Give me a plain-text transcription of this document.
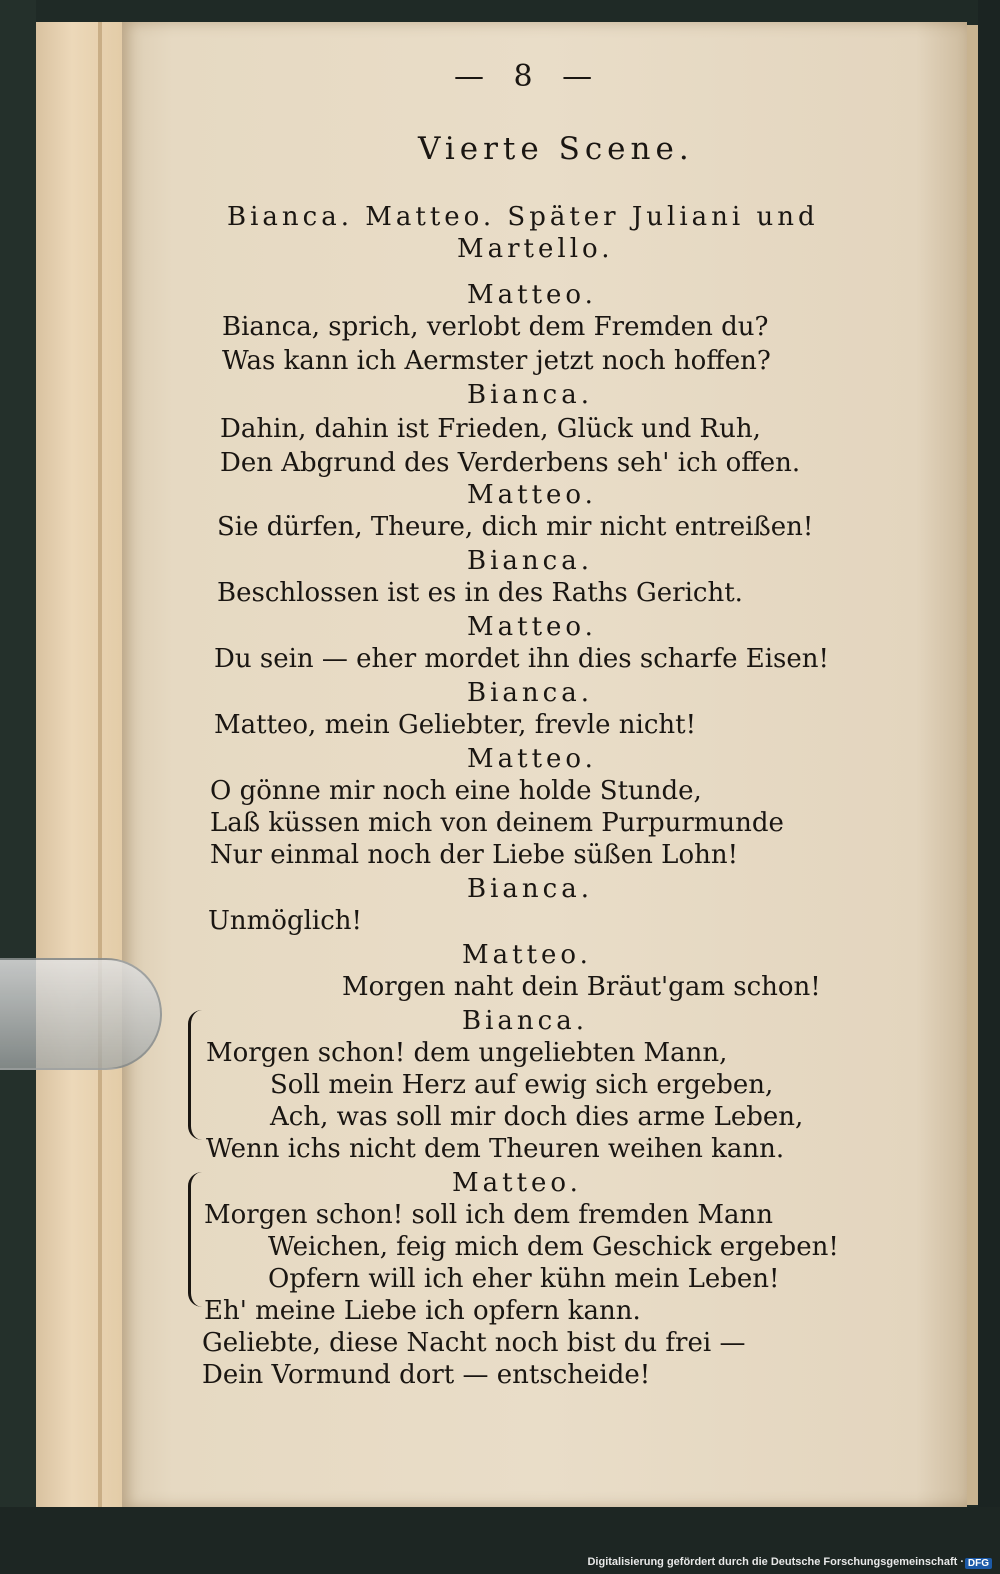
— 8 —

Vierte Scene.

Bianca. Matteo. Später Juliani und

Martello.

Matteo.

Bianca, sprich, verlobt dem Fremden du?

Was kann ich Aermster jetzt noch hoffen?

Bianca.

Dahin, dahin ist Frieden, Glück und Ruh,

Den Abgrund des Verderbens seh' ich offen.

Matteo.

Sie dürfen, Theure, dich mir nicht entreißen!

Bianca.

Beschlossen ist es in des Raths Gericht.

Matteo.

Du sein — eher mordet ihn dies scharfe Eisen!

Bianca.

Matteo, mein Geliebter, frevle nicht!

Matteo.

O gönne mir noch eine holde Stunde,

Laß küssen mich von deinem Purpurmunde

Nur einmal noch der Liebe süßen Lohn!

Bianca.

Unmöglich!

Matteo.

Morgen naht dein Bräut'gam schon!

Bianca.

Morgen schon! dem ungeliebten Mann,

Soll mein Herz auf ewig sich ergeben,

Ach, was soll mir doch dies arme Leben,

Wenn ichs nicht dem Theuren weihen kann.

Matteo.

Morgen schon! soll ich dem fremden Mann

Weichen, feig mich dem Geschick ergeben!

Opfern will ich eher kühn mein Leben!

Eh' meine Liebe ich opfern kann.

Geliebte, diese Nacht noch bist du frei —

Dein Vormund dort — entscheide!

Digitalisierung gefördert durch die Deutsche Forschungsgemeinschaft · DFG
